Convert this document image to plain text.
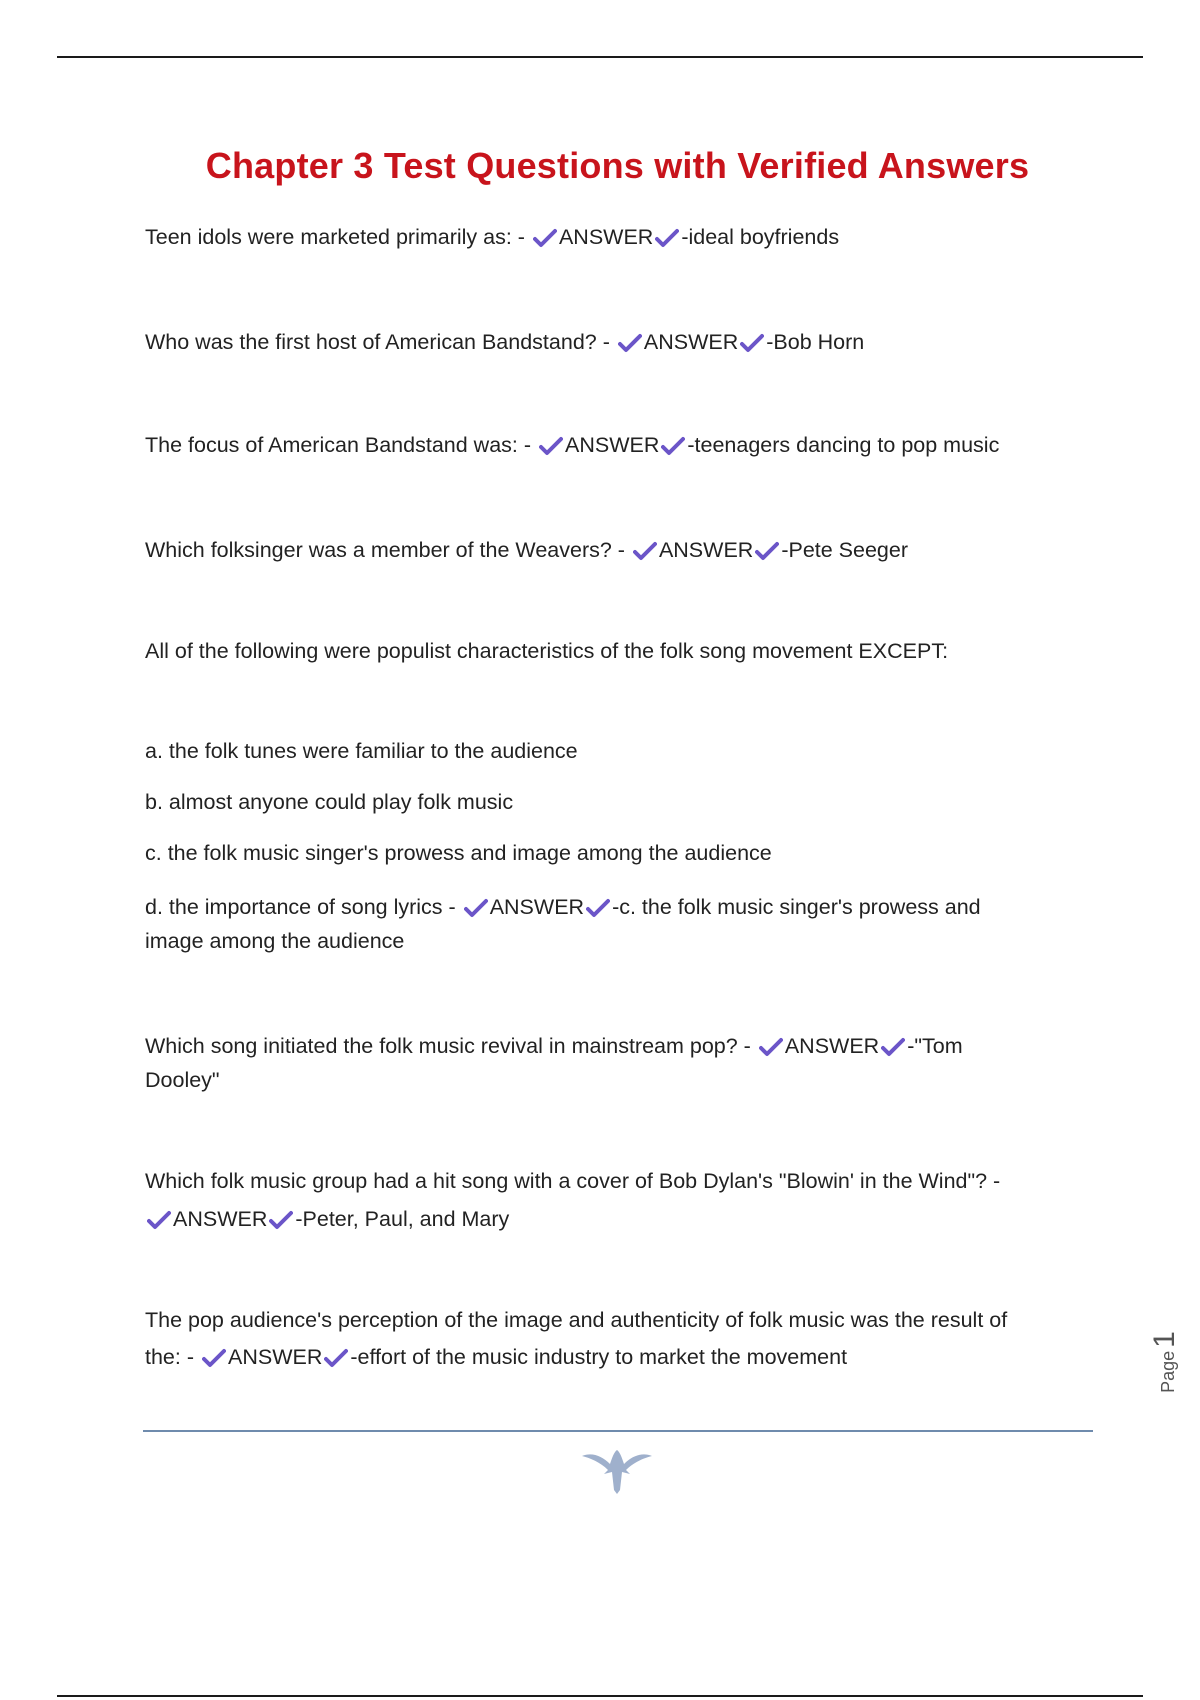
Chapter 3 Test Questions with Verified Answers
Teen idols were marketed primarily as: - ANSWER -ideal boyfriends
Who was the first host of American Bandstand? - ANSWER -Bob Horn
The focus of American Bandstand was: - ANSWER -teenagers dancing to pop music
Which folksinger was a member of the Weavers? - ANSWER -Pete Seeger
All of the following were populist characteristics of the folk song movement EXCEPT:
a. the folk tunes were familiar to the audience
b. almost anyone could play folk music
c. the folk music singer's prowess and image among the audience
d. the importance of song lyrics - ANSWER -c. the folk music singer's prowess and
image among the audience
Which song initiated the folk music revival in mainstream pop? - ANSWER -"Tom
Dooley"
Which folk music group had a hit song with a cover of Bob Dylan's "Blowin' in the Wind"? -
ANSWER -Peter, Paul, and Mary
The pop audience's perception of the image and authenticity of folk music was the result of
the: - ANSWER -effort of the music industry to market the movement	Page
1
